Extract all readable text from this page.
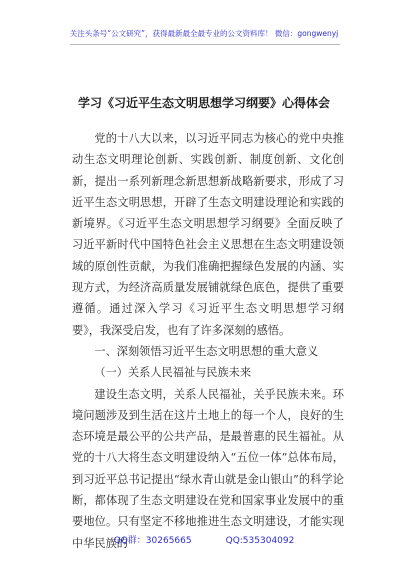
关注头条号“公文研究”，获得最新最全最专业的公文资料库！ 微信：gongwenyj
学习《习近平生态文明思想学习纲要》心得体会

党的十八大以来，以习近平同志为核心的党中央推动生态文明理论创新、实践创新、制度创新、文化创新，提出一系列新理念新思想新战略新要求，形成了习近平生态文明思想，开辟了生态文明建设理论和实践的新境界。《习近平生态文明思想学习纲要》全面反映了习近平新时代中国特色社会主义思想在生态文明建设领域的原创性贡献，为我们准确把握绿色发展的内涵、实现方式，为经济高质量发展铺就绿色底色，提供了重要遵循。通过深入学习《习近平生态文明思想学习纲要》，我深受启发，也有了许多深刻的感悟。

一、深刻领悟习近平生态文明思想的重大意义

（一）关系人民福祉与民族未来

建设生态文明，关系人民福祉，关乎民族未来。环境问题涉及到生活在这片土地上的每一个人，良好的生态环境是最公平的公共产品，是最普惠的民生福祉。从党的十八大将生态文明建设纳入“五位一体”总体布局，到习近平总书记提出“绿水青山就是金山银山”的科学论断，都体现了生态文明建设在党和国家事业发展中的重要地位。只有坚定不移地推进生态文明建设，才能实现中华民族的

QQ群：30265665	QQ:535304092
